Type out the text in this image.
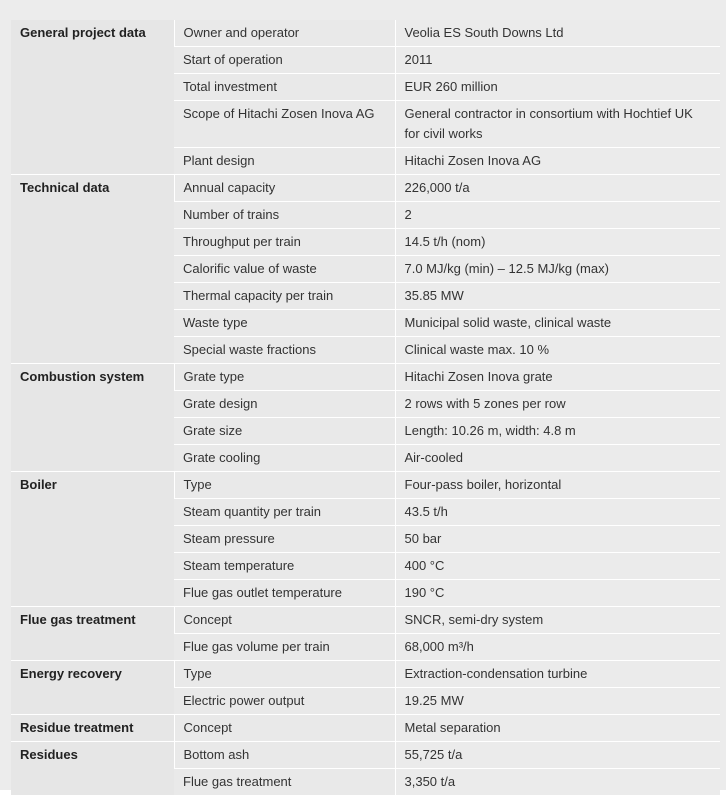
General project data	Owner and operator	Veolia ES South Downs Ltd
	Start of operation	2011
	Total investment	EUR 260 million
	Scope of Hitachi Zosen Inova AG	General contractor in consortium with Hochtief UK for civil works
	Plant design	Hitachi Zosen Inova AG
Technical data	Annual capacity	226,000 t/a
	Number of trains	2
	Throughput per train	14.5 t/h (nom)
	Calorific value of waste	7.0 MJ/kg (min) – 12.5 MJ/kg (max)
	Thermal capacity per train	35.85 MW
	Waste type	Municipal solid waste, clinical waste
	Special waste fractions	Clinical waste max. 10 %
Combustion system	Grate type	Hitachi Zosen Inova grate
	Grate design	2 rows with 5 zones per row
	Grate size	Length: 10.26 m, width: 4.8 m
	Grate cooling	Air-cooled
Boiler	Type	Four-pass boiler, horizontal
	Steam quantity per train	43.5 t/h
	Steam pressure	50 bar
	Steam temperature	400 °C
	Flue gas outlet temperature	190 °C
Flue gas treatment	Concept	SNCR, semi-dry system
	Flue gas volume per train	68,000 m³/h
Energy recovery	Type	Extraction-condensation turbine
	Electric power output	19.25 MW
Residue treatment	Concept	Metal separation
Residues	Bottom ash	55,725 t/a
	Flue gas treatment	3,350 t/a
